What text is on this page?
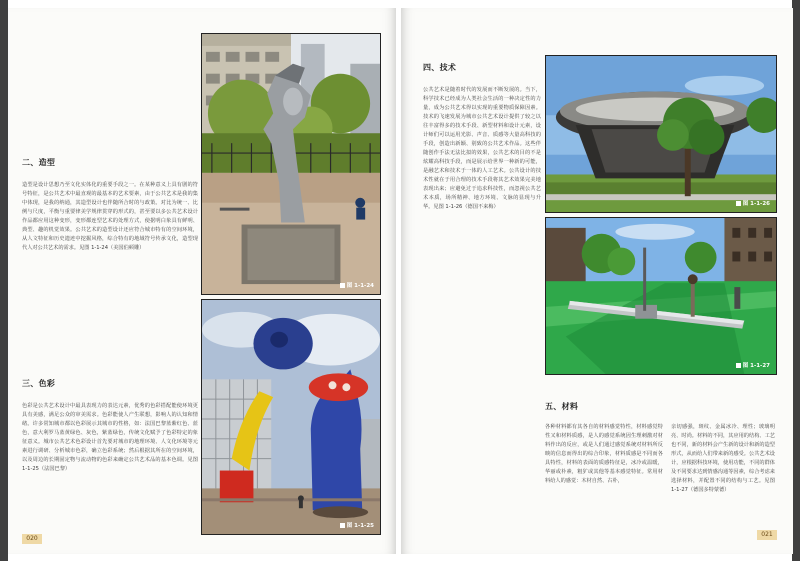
二、造型
造型是设计思想乃至文化实体化的重要手段之一。在某种意义上具有剧的符号特征，是公共艺术中最直观的最基本的艺术要素，由于公共艺术是我的集中体现，是我的纳通，其造型设计也伴随所合时的与政策。对比为统一、比例与尺度，平衡与重要律美学规律贯穿的形式的，甚至要以多公共艺术设计作品都应用这种变形，变形都连型艺术的处理方式，使据明白象具有鲜明、典型、趣的机觉效果。公共艺术的造型设计还应符合城市特有的空间环境，从人文特征和历史遗迹中挖掘风格，综合特有的地域符号传承文化，造型现代人对公共艺术的需求。见图 1-1-24（美国伯顿雕）
三、色彩
色彩是公共艺术设计中最具表现力的表达元素，优秀的色彩搭配能使环境更具有美感，满足公众的审美需求。色彩能使人产生联想，影响人的认知和情绪。许多常知城市都以色彩展示其城市的性格，如：法国巴黎蓝紫红色、蓝色，意大利罗马蓝黄绿色、灰色，紫蓝绿色，传统文化赋予了色彩特定的象征意义。城市公共艺术色彩设计首先要对城市的地理环境、人文化环境等元素进行调研、分析城市色彩，确立色彩系统；然后根据其所在的空间环境，以及周边的长期固定物与流动物的色彩来确定公共艺术品的基本色调。见图 1-1-25（法国巴黎）
图 1-1-24
图 1-1-25
020
四、技术
公共艺术是随着时代的发展而不断发展的。当下，科学技术已经成为人类社会生活的一种决定性的力量，成为公共艺术得以实现的重要物质保障因素。技术的飞速发展为城市公共艺术设计提供了较之以往丰富得多的技术手段、新型材料和设计元素，设计师们可以运用光影、声音、质感等大量高科技的手段，创造出新颖、别致的公共艺术作品。这些伴随创作手法无法比拟的效果，公共艺术的目的不是炫耀高科技手段，而是展示给世界一种新的可能，是融艺术和技术于一体的人工艺术。公共设计的技术性就在于用合理的技术手段将其艺术效果完美地表现出来；应避免过于追求科技性，而忽视公共艺术本质，场所精神、地方环境、文脉的显现与升华。见图 1-1-26（德国不来梅）
五、材料
各种材料都有其各自的材料感觉特性，材料感觉特性又和材料质感，是人的感觉系统因生理刺激对材料作出的反应，或是人们通过感觉系统对材料所反映的信息而得出的综合印象，材料质感是不同而各具特性，材料的表面的质感特征是，冰冷或温暖，华丽或朴素，粗犷或其他等基本感觉特征。常用材料给人的感觉：木材自然、古朴，
亲切感强，斑纹、金属冰冷、理性；玻璃明亮、时尚。材料的不同，其应用的结构、工艺也不同，新的材料会产生新的设计和新的造型形式，从而给人们带来新的感受。公共艺术设计，应根据科技环境，使用功能，不同的群体及不同要求达到情感沟通等因素，综合考虑来选择材料，并配置不同的结构与工艺。见图 1-1-27（德国多特蒙德）
图 1-1-26
图 1-1-27
021
